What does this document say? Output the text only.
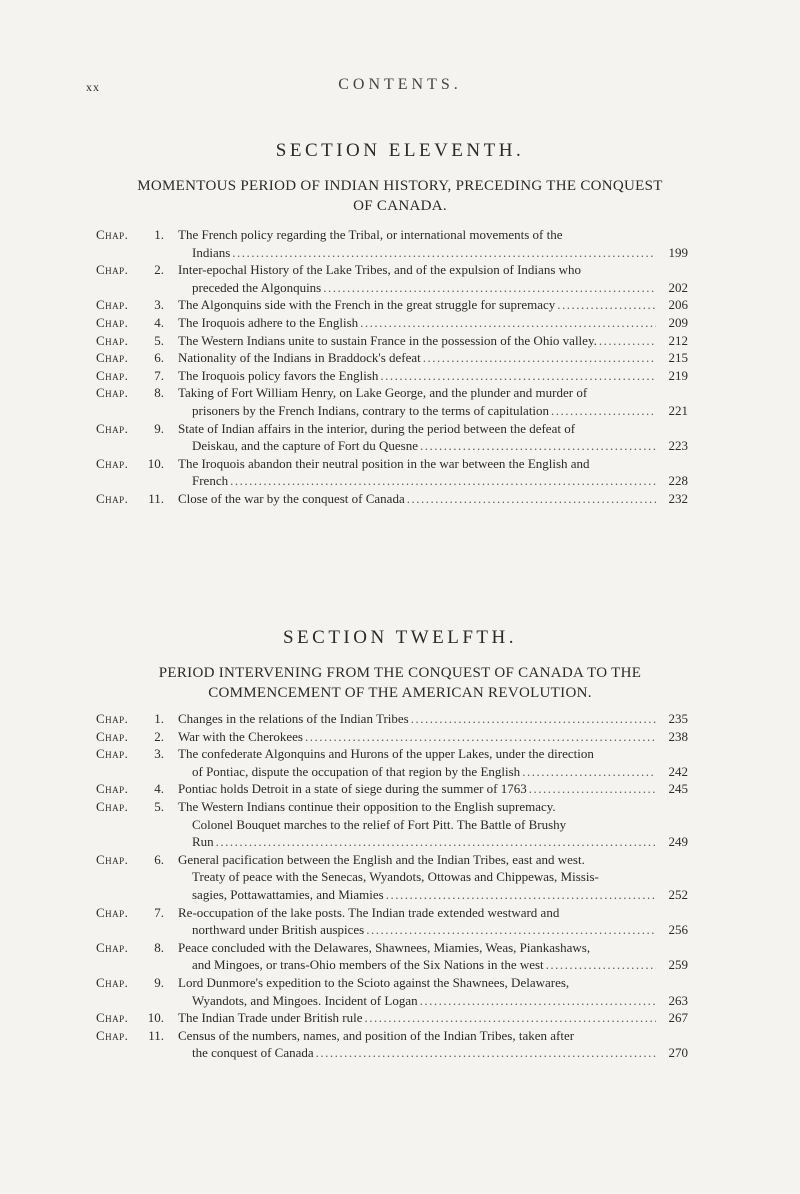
xx	CONTENTS.
SECTION ELEVENTH.
MOMENTOUS PERIOD OF INDIAN HISTORY, PRECEDING THE CONQUEST
OF CANADA.
Chap. 1. The French policy regarding the Tribal, or international movements of the
Indians .....	199
Chap. 2. Inter-epochal History of the Lake Tribes, and of the expulsion of Indians who
preceded the Algonquins .....	202
Chap. 3. The Algonquins side with the French in the great struggle for supremacy .....	206
Chap. 4. The Iroquois adhere to the English .....	209
Chap. 5. The Western Indians unite to sustain France in the possession of the Ohio valley. .....	212
Chap. 6. Nationality of the Indians in Braddock's defeat .....	215
Chap. 7. The Iroquois policy favors the English .....	219
Chap. 8. Taking of Fort William Henry, on Lake George, and the plunder and murder of
prisoners by the French Indians, contrary to the terms of capitulation .....	221
Chap. 9. State of Indian affairs in the interior, during the period between the defeat of
Deiskau, and the capture of Fort du Quesne .....	223
Chap. 10. The Iroquois abandon their neutral position in the war between the English and
French .....	228
Chap. 11. Close of the war by the conquest of Canada .....	232
SECTION TWELFTH.
PERIOD INTERVENING FROM THE CONQUEST OF CANADA TO THE
COMMENCEMENT OF THE AMERICAN REVOLUTION.
Chap. 1. Changes in the relations of the Indian Tribes .....	235
Chap. 2. War with the Cherokees .....	238
Chap. 3. The confederate Algonquins and Hurons of the upper Lakes, under the direction
of Pontiac, dispute the occupation of that region by the English .....	242
Chap. 4. Pontiac holds Detroit in a state of siege during the summer of 1763 .....	245
Chap. 5. The Western Indians continue their opposition to the English supremacy.
Colonel Bouquet marches to the relief of Fort Pitt. The Battle of Brushy
Run .....	249
Chap. 6. General pacification between the English and the Indian Tribes, east and west.
Treaty of peace with the Senecas, Wyandots, Ottowas and Chippewas, Missis-
sagies, Pottawattamies, and Miamies .....	252
Chap. 7. Re-occupation of the lake posts. The Indian trade extended westward and
northward under British auspices .....	256
Chap. 8. Peace concluded with the Delawares, Shawnees, Miamies, Weas, Piankashaws,
and Mingoes, or trans-Ohio members of the Six Nations in the west .....	259
Chap. 9. Lord Dunmore's expedition to the Scioto against the Shawnees, Delawares,
Wyandots, and Mingoes. Incident of Logan .....	263
Chap. 10. The Indian Trade under British rule .....	267
Chap. 11. Census of the numbers, names, and position of the Indian Tribes, taken after
the conquest of Canada .....	270
